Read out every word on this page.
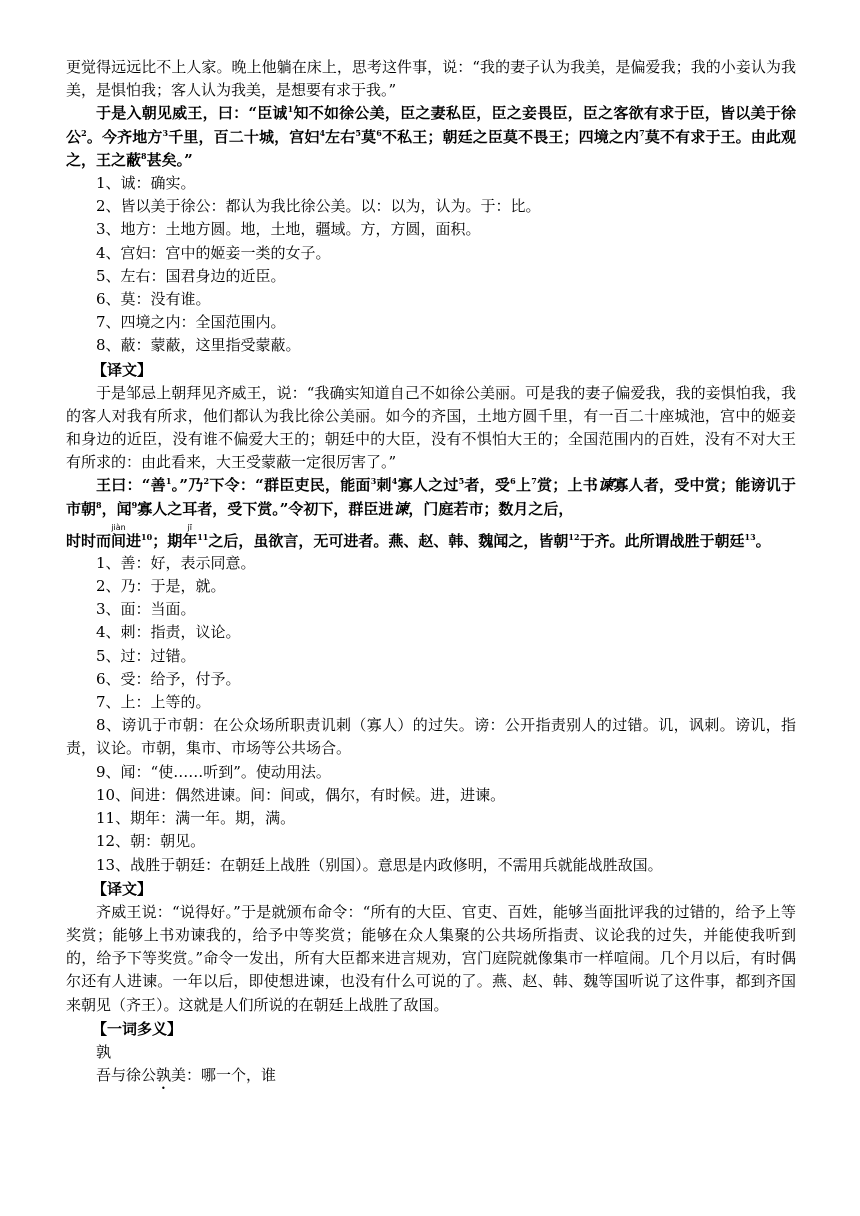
更觉得远远比不上人家。晚上他躺在床上，思考这件事，说：“我的妻子认为我美，是偏爱我；我的小妾认为我美，是惧怕我；客人认为我美，是想要有求于我。”

于是入朝见威王，曰：“臣诚$^1$知不如徐公美，臣之妻私臣，臣之妾畏臣，臣之客欲有求于臣，皆以美于徐公$^2$。今齐地方$^3$千里，百二十城，宫妇$^4$左右$^5$莫$^6$不私王；朝廷之臣莫不畏王；四境之内$^7$莫不有求于王。由此观之，王之蔽$^8$甚矣。”

1、诚：确实。

2、皆以美于徐公：都认为我比徐公美。以：以为，认为。于：比。

3、地方：土地方圆。地，土地，疆域。方，方圆，面积。

4、宫妇：宫中的姬妾一类的女子。

5、左右：国君身边的近臣。

6、莫：没有谁。

7、四境之内：全国范围内。

8、蔽：蒙蔽，这里指受蒙蔽。

【译文】

于是邹忌上朝拜见齐威王，说：“我确实知道自己不如徐公美丽。可是我的妻子偏爱我，我的妾惧怕我，我的客人对我有所求，他们都认为我比徐公美丽。如今的齐国，土地方圆千里，有一百二十座城池，宫中的姬妾和身边的近臣，没有谁不偏爱大王的；朝廷中的大臣，没有不惧怕大王的；全国范围内的百姓，没有不对大王有所求的：由此看来，大王受蒙蔽一定很厉害了。”

王曰：“善$^1$。”乃$^2$下令：“群臣吏民，能面$^3$刺$^4$寡人之过$^5$者，受$^6$上$^7$赏；上书谏寡人者，受中赏；能谤讥于市朝$^8$，闻$^9$寡人之耳者，受下赏。”令初下，群臣进谏，门庭若市；数月之后，

时时而间jiàn进$^{10}$；期年$jī^{11}$之后，虽欲言，无可进者。燕、赵、韩、魏闻之，皆朝$^{12}$于齐。此所谓战胜于朝廷$^{13}$。

1、善：好，表示同意。

2、乃：于是，就。

3、面：当面。

4、刺：指责，议论。

5、过：过错。

6、受：给予，付予。

7、上：上等的。

8、谤讥于市朝：在公众场所职责讥刺（寡人）的过失。谤：公开指责别人的过错。讥，讽刺。谤讥，指责，议论。市朝，集市、市场等公共场合。

9、闻：“使……听到”。使动用法。

10、间进：偶然进谏。间：间或，偶尔，有时候。进，进谏。

11、期年：满一年。期，满。

12、朝：朝见。

13、战胜于朝廷：在朝廷上战胜（别国）。意思是内政修明，不需用兵就能战胜敌国。

【译文】

齐威王说：“说得好。”于是就颁布命令：“所有的大臣、官吏、百姓，能够当面批评我的过错的，给予上等奖赏；能够上书劝谏我的，给予中等奖赏；能够在众人集聚的公共场所指责、议论我的过失，并能使我听到的，给予下等奖赏。”命令一发出，所有大臣都来进言规劝，宫门庭院就像集市一样喧闹。几个月以后，有时偶尔还有人进谏。一年以后，即使想进谏，也没有什么可说的了。燕、赵、韩、魏等国听说了这件事，都到齐国来朝见（齐王）。这就是人们所说的在朝廷上战胜了敌国。

【一词多义】

孰

吾与徐公孰美：哪一个，谁
